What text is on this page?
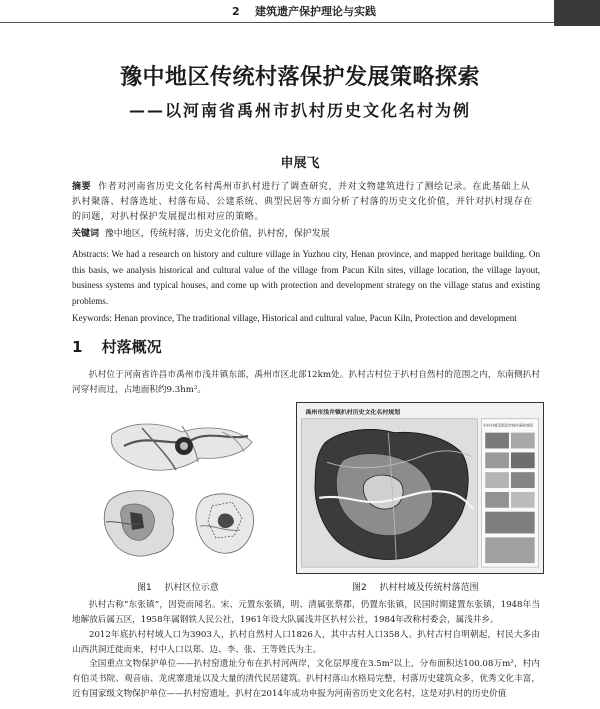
2 建筑遗产保护理论与实践
豫中地区传统村落保护发展策略探索
——以河南省禹州市扒村历史文化名村为例

申展飞

摘要 作者对河南省历史文化名村禹州市扒村进行了调查研究，并对文物建筑进行了测绘记录。在此基础上从扒村聚落、村落选址、村落布局、公建系统、典型民居等方面分析了村落的历史文化价值，并针对扒村现存在的问题，对扒村保护发展提出相对应的策略。

关键词 豫中地区，传统村落，历史文化价值，扒村窑，保护发展

Abstracts: We had a research on history and culture village in Yuzhou city, Henan province, and mapped heritage building. On this basis, we analysis historical and cultural value of the village from Pacun Kiln sites, village location, the village layout, business systems and typical houses, and come up with protection and development strategy on the village status and existing problems.

Keywords: Henan province, The traditional village, Historical and cultural value, Pacun Kiln, Protection and development

1 村落概况

扒村位于河南省许昌市禹州市浅井镇东部，禹州市区北部12km处。扒村古村位于扒村自然村的范围之内，东南侧扒村河穿村而过，占地面积约9.3hm²。

禹州市浅井镇扒村历史文化名村规划
扒村村域范围及传统村落规划图

图1 扒村区位示意	图2 扒村村域及传统村落范围

扒村古称“东张镇”，因瓷而闻名。宋、元置东张镇，明、清属张蔡郡，仍置东张镇，民国时期建置东张镇，1948年当地解放后属五区，1958年属钢铁人民公社，1961年设大队属浅井区扒村公社，1984年改称村委会，属浅井乡。

2012年底扒村村域人口为3903人，扒村自然村人口1826人，其中古村人口358人。扒村古村自明朝起，村民大多由山西洪洞迁徙而来，村中人口以郑、边、李、张、王等姓氏为主。

全国重点文物保护单位——扒村窑遗址分布在扒村河两岸，文化层厚度在3.5m²以上，分布面积达100.08万m²，村内有伯灵书院、观音庙、龙虎寨遗址以及大量的清代民居建筑。扒村村落山水格局完整，村落历史建筑众多，优秀文化丰富，近有国家级文物保护单位——扒村窑遗址，扒村在2014年成功申报为河南省历史文化名村，这是对扒村的历史价值
